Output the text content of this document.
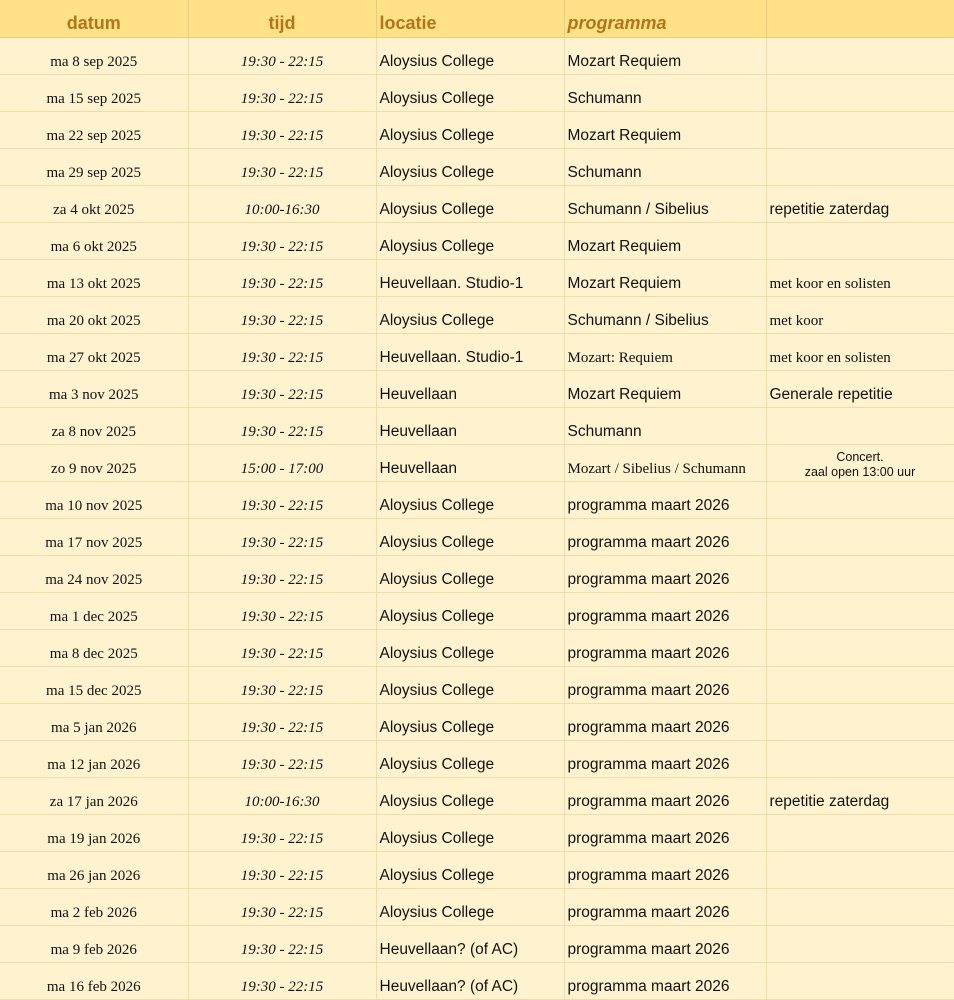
datum	tijd	locatie	programma	
ma 8 sep 2025	19:30 - 22:15	Aloysius College	Mozart Requiem	
ma 15 sep 2025	19:30 - 22:15	Aloysius College	Schumann	
ma 22 sep 2025	19:30 - 22:15	Aloysius College	Mozart Requiem	
ma 29 sep 2025	19:30 - 22:15	Aloysius College	Schumann	
za 4 okt 2025	10:00-16:30	Aloysius College	Schumann / Sibelius	repetitie zaterdag
ma 6 okt 2025	19:30 - 22:15	Aloysius College	Mozart Requiem	
ma 13 okt 2025	19:30 - 22:15	Heuvellaan. Studio-1	Mozart Requiem	met koor en solisten
ma 20 okt 2025	19:30 - 22:15	Aloysius College	Schumann / Sibelius	met koor
ma 27 okt 2025	19:30 - 22:15	Heuvellaan. Studio-1	Mozart: Requiem	met koor en solisten
ma 3 nov 2025	19:30 - 22:15	Heuvellaan	Mozart Requiem	Generale repetitie
za 8 nov 2025	19:30 - 22:15	Heuvellaan	Schumann	
zo 9 nov 2025	15:00 - 17:00	Heuvellaan	Mozart / Sibelius / Schumann	Concert.
zaal open 13:00 uur

ma 10 nov 2025	19:30 - 22:15	Aloysius College	programma maart 2026	
ma 17 nov 2025	19:30 - 22:15	Aloysius College	programma maart 2026	
ma 24 nov 2025	19:30 - 22:15	Aloysius College	programma maart 2026	
ma 1 dec 2025	19:30 - 22:15	Aloysius College	programma maart 2026	
ma 8 dec 2025	19:30 - 22:15	Aloysius College	programma maart 2026	
ma 15 dec 2025	19:30 - 22:15	Aloysius College	programma maart 2026	
ma 5 jan 2026	19:30 - 22:15	Aloysius College	programma maart 2026	
ma 12 jan 2026	19:30 - 22:15	Aloysius College	programma maart 2026	
za 17 jan 2026	10:00-16:30	Aloysius College	programma maart 2026	repetitie zaterdag
ma 19 jan 2026	19:30 - 22:15	Aloysius College	programma maart 2026	
ma 26 jan 2026	19:30 - 22:15	Aloysius College	programma maart 2026	
ma 2 feb 2026	19:30 - 22:15	Aloysius College	programma maart 2026	
ma 9 feb 2026	19:30 - 22:15	Heuvellaan? (of AC)	programma maart 2026	
ma 16 feb 2026	19:30 - 22:15	Heuvellaan? (of AC)	programma maart 2026	
